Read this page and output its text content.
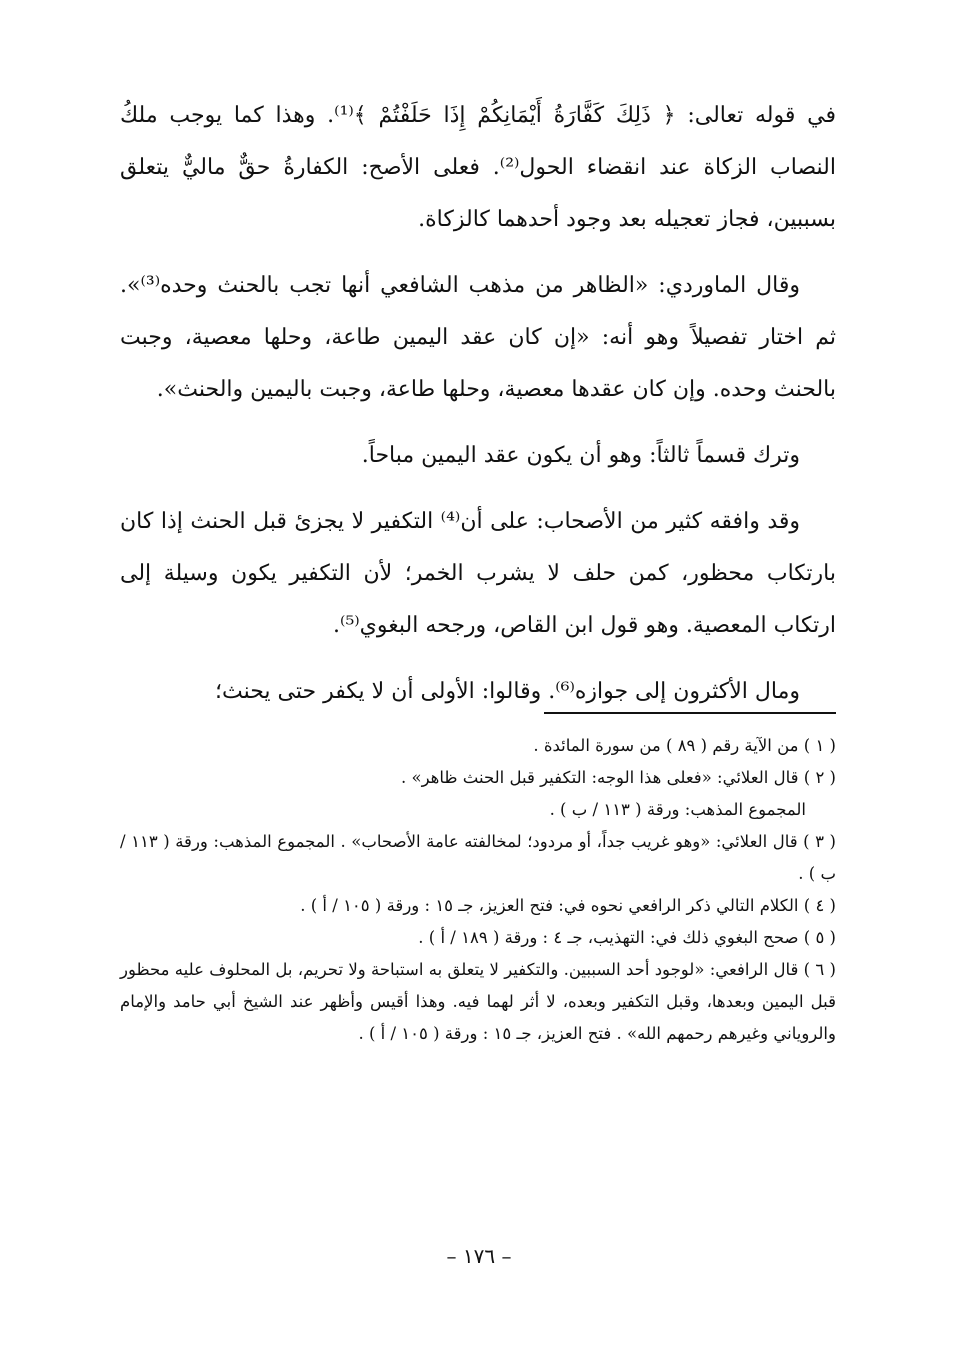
في قوله تعالى: ﴿ ذَلِكَ كَفَّارَةُ أَيْمَانِكُمْ إِذَا حَلَفْتُمْ ﴾⁽¹⁾. وهذا كما يوجب ملكُ النصاب الزكاة عند انقضاء الحول⁽²⁾. فعلى الأصح: الكفارةُ حقٌّ ماليٌّ يتعلق بسببين، فجاز تعجيله بعد وجود أحدهما كالزكاة.

وقال الماوردي: «الظاهر من مذهب الشافعي أنها تجب بالحنث وحده⁽³⁾». ثم اختار تفصيلاً وهو أنه: «إن كان عقد اليمين طاعة، وحلها معصية، وجبت بالحنث وحده. وإن كان عقدها معصية، وحلها طاعة، وجبت باليمين والحنث».

وترك قسماً ثالثاً: وهو أن يكون عقد اليمين مباحاً.

وقد وافقه كثير من الأصحاب: على أن⁽⁴⁾ التكفير لا يجزئ قبل الحنث إذا كان بارتكاب محظور، كمن حلف لا يشرب الخمر؛ لأن التكفير يكون وسيلة إلى ارتكاب المعصية. وهو قول ابن القاص، ورجحه البغوي⁽⁵⁾.

ومال الأكثرون إلى جوازه⁽⁶⁾. وقالوا: الأولى أن لا يكفر حتى يحنث؛

( ١ ) من الآية رقم ( ٨٩ ) من سورة المائدة .

( ٢ ) قال العلائي: «فعلى هذا الوجه: التكفير قبل الحنث ظاهر» .

المجموع المذهب: ورقة ( ١١٣ / ب ) .

( ٣ ) قال العلائي: «وهو غريب جداً، أو مردود؛ لمخالفته عامة الأصحاب» . المجموع المذهب: ورقة ( ١١٣ / ب ) .

( ٤ ) الكلام التالي ذكر الرافعي نحوه في: فتح العزيز، جـ ١٥ : ورقة ( ١٠٥ / أ ) .

( ٥ ) صحح البغوي ذلك في: التهذيب، جـ ٤ : ورقة ( ١٨٩ / أ ) .

( ٦ ) قال الرافعي: «لوجود أحد السببين. والتكفير لا يتعلق به استباحة ولا تحريم، بل المحلوف عليه محظور قبل اليمين وبعدها، وقبل التكفير وبعده، لا أثر لهما فيه. وهذا أقيس وأظهر عند الشيخ أبي حامد والإمام والروياني وغيرهم رحمهم الله» . فتح العزيز، جـ ١٥ : ورقة ( ١٠٥ / أ ) .

– ١٧٦ –
